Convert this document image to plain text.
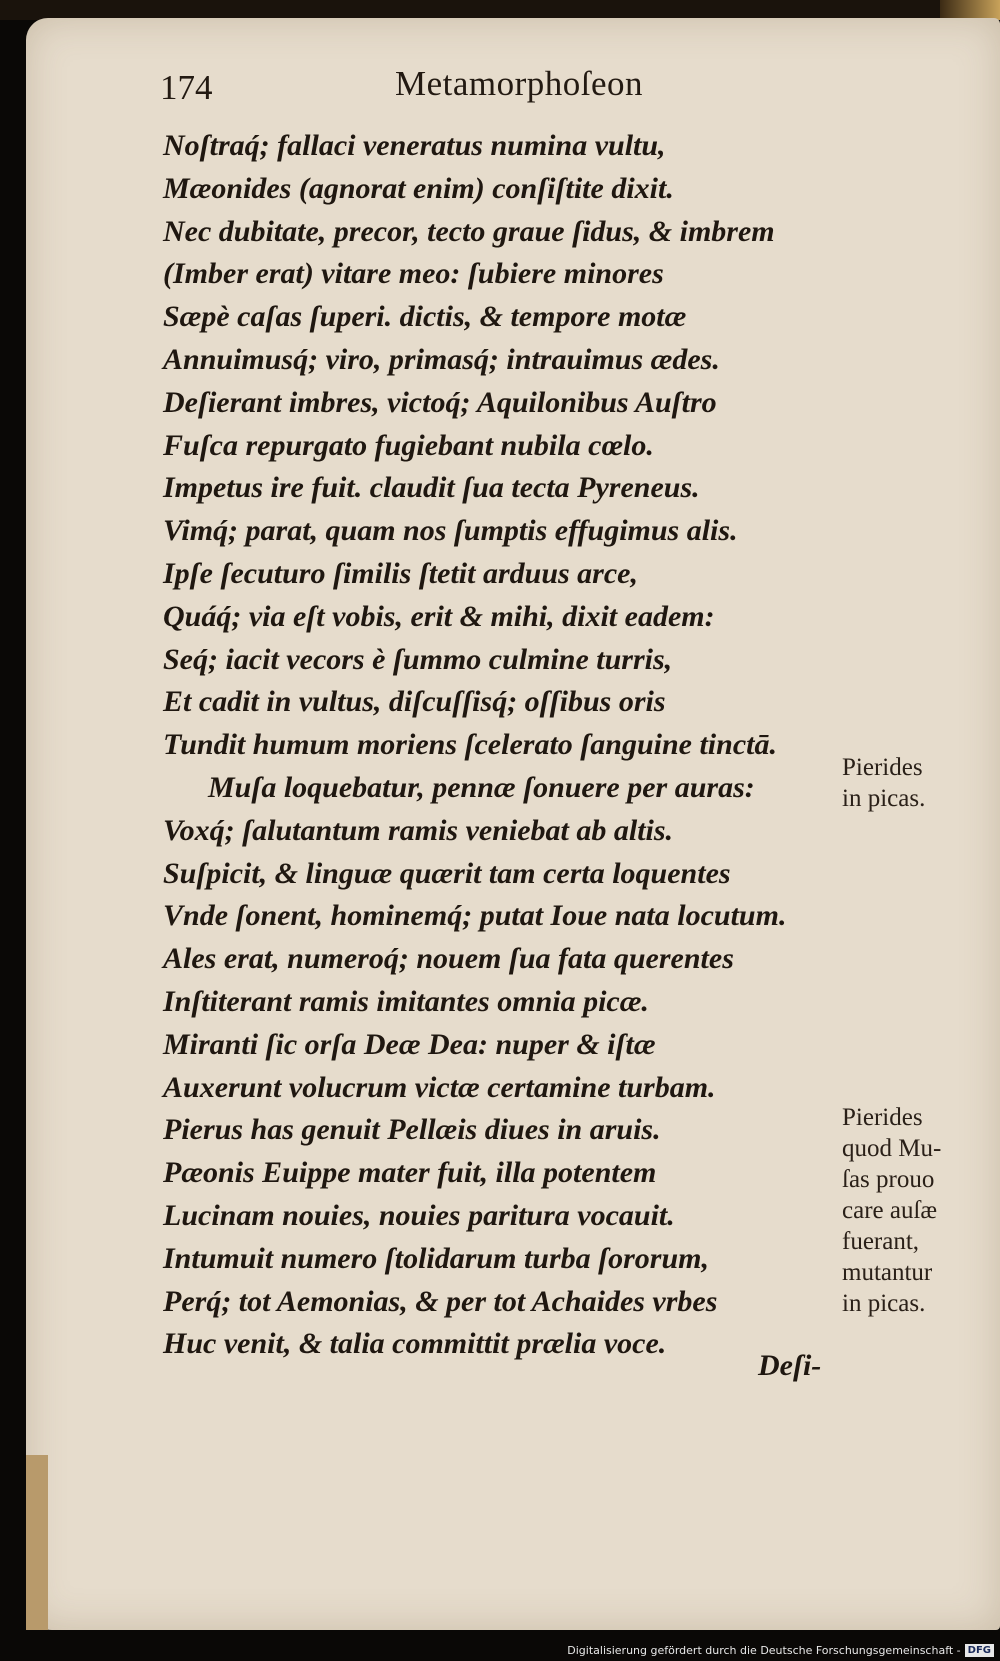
174	Metamorphoſeon
Noſtraq́; fallaci veneratus numina vultu,
Mæonides (agnorat enim) conſiſtite dixit.
Nec dubitate, precor, tecto graue ſidus, & imbrem
(Imber erat) vitare meo: ſubiere minores
Sæpè caſas ſuperi. dictis, & tempore motæ
Annuimusq́; viro, primasq́; intrauimus ædes.
Deſierant imbres, victoq́; Aquilonibus Auſtro
Fuſca repurgato fugiebant nubila cœlo.
Impetus ire fuit. claudit ſua tecta Pyreneus.
Vimq́; parat, quam nos ſumptis effugimus alis.
Ipſe ſecuturo ſimilis ſtetit arduus arce,
Quáq́; via eſt vobis, erit & mihi, dixit eadem:
Seq́; iacit vecors è ſummo culmine turris,
Et cadit in vultus, diſcuſſisq́; oſſibus oris
Tundit humum moriens ſcelerato ſanguine tinctā.
Muſa loquebatur, pennæ ſonuere per auras:
Voxq́; ſalutantum ramis veniebat ab altis.
Suſpicit, & linguæ quærit tam certa loquentes
Vnde ſonent, hominemq́; putat Ioue nata locutum.
Ales erat, numeroq́; nouem ſua fata querentes
Inſtiterant ramis imitantes omnia picæ.
Miranti ſic orſa Deæ Dea: nuper & iſtæ
Auxerunt volucrum victæ certamine turbam.
Pierus has genuit Pellæis diues in aruis.
Pæonis Euippe mater fuit, illa potentem
Lucinam nouies, nouies paritura vocauit.
Intumuit numero ſtolidarum turba ſororum,
Perq́; tot Aemonias, & per tot Achaides vrbes
Huc venit, & talia committit prælia voce.
Deſi-
Pierides
in picas.
Pierides
quod Mu-
ſas prouo
care auſæ
fuerant,
mutantur
in picas.
Digitalisierung gefördert durch die Deutsche Forschungsgemeinschaft - DFG
